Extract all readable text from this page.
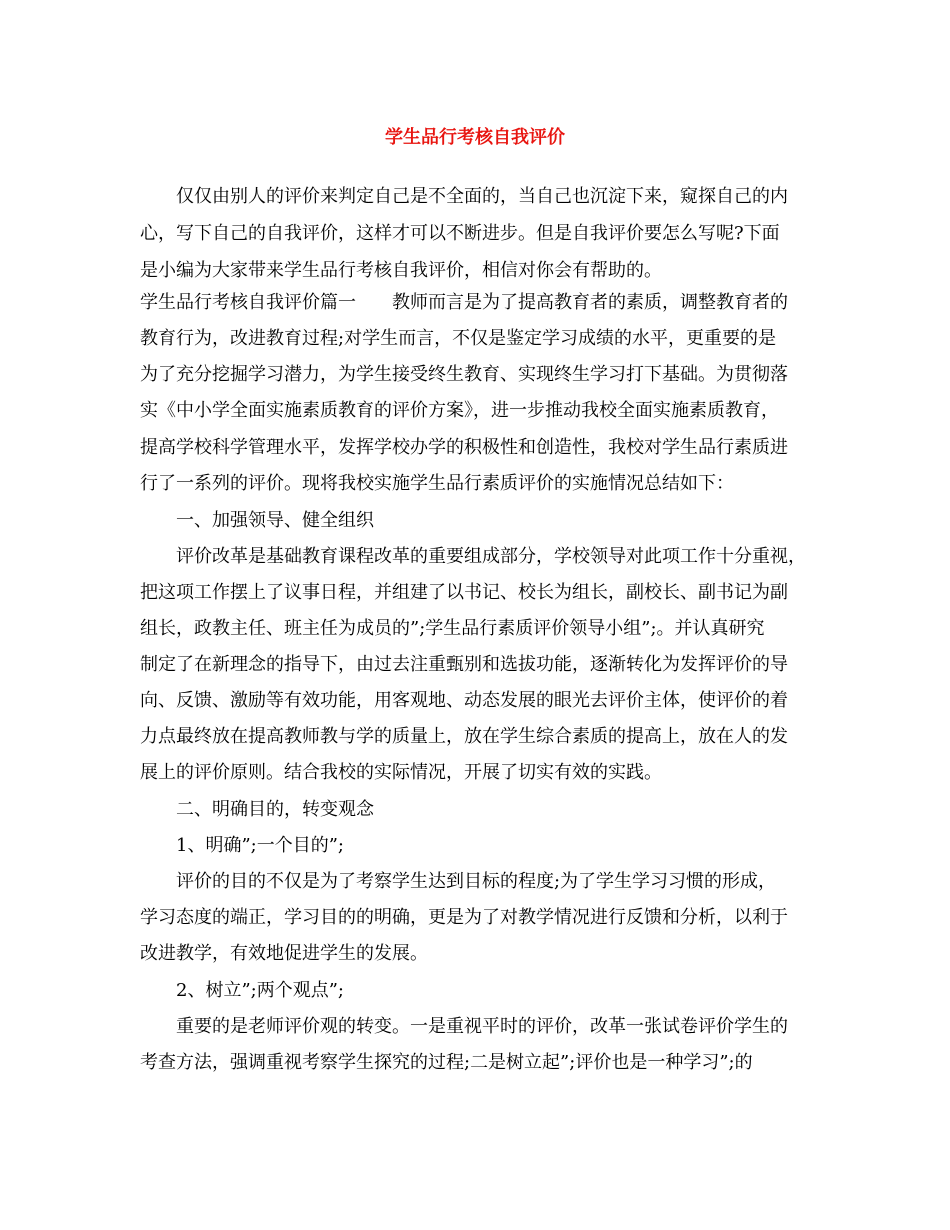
学生品行考核自我评价
仅仅由别人的评价来判定自己是不全面的，当自己也沉淀下来，窥探自己的内
心，写下自己的自我评价，这样才可以不断进步。但是自我评价要怎么写呢?下面
是小编为大家带来学生品行考核自我评价，相信对你会有帮助的。
学生品行考核自我评价篇一　　教师而言是为了提高教育者的素质，调整教育者的
教育行为，改进教育过程;对学生而言，不仅是鉴定学习成绩的水平，更重要的是
为了充分挖掘学习潜力，为学生接受终生教育、实现终生学习打下基础。为贯彻落
实《中小学全面实施素质教育的评价方案》，进一步推动我校全面实施素质教育，
提高学校科学管理水平，发挥学校办学的积极性和创造性，我校对学生品行素质进
行了一系列的评价。现将我校实施学生品行素质评价的实施情况总结如下：
一、加强领导、健全组织
评价改革是基础教育课程改革的重要组成部分，学校领导对此项工作十分重视，
把这项工作摆上了议事日程，并组建了以书记、校长为组长，副校长、副书记为副
组长，政教主任、班主任为成员的”;学生品行素质评价领导小组”;。并认真研究
制定了在新理念的指导下，由过去注重甄别和选拔功能，逐渐转化为发挥评价的导
向、反馈、激励等有效功能，用客观地、动态发展的眼光去评价主体，使评价的着
力点最终放在提高教师教与学的质量上，放在学生综合素质的提高上，放在人的发
展上的评价原则。结合我校的实际情况，开展了切实有效的实践。
二、明确目的，转变观念
1、明确”;一个目的”;
评价的目的不仅是为了考察学生达到目标的程度;为了学生学习习惯的形成，
学习态度的端正，学习目的的明确，更是为了对教学情况进行反馈和分析，以利于
改进教学，有效地促进学生的发展。
2、树立”;两个观点”;
重要的是老师评价观的转变。一是重视平时的评价，改革一张试卷评价学生的
考查方法，强调重视考察学生探究的过程;二是树立起”;评价也是一种学习”;的
